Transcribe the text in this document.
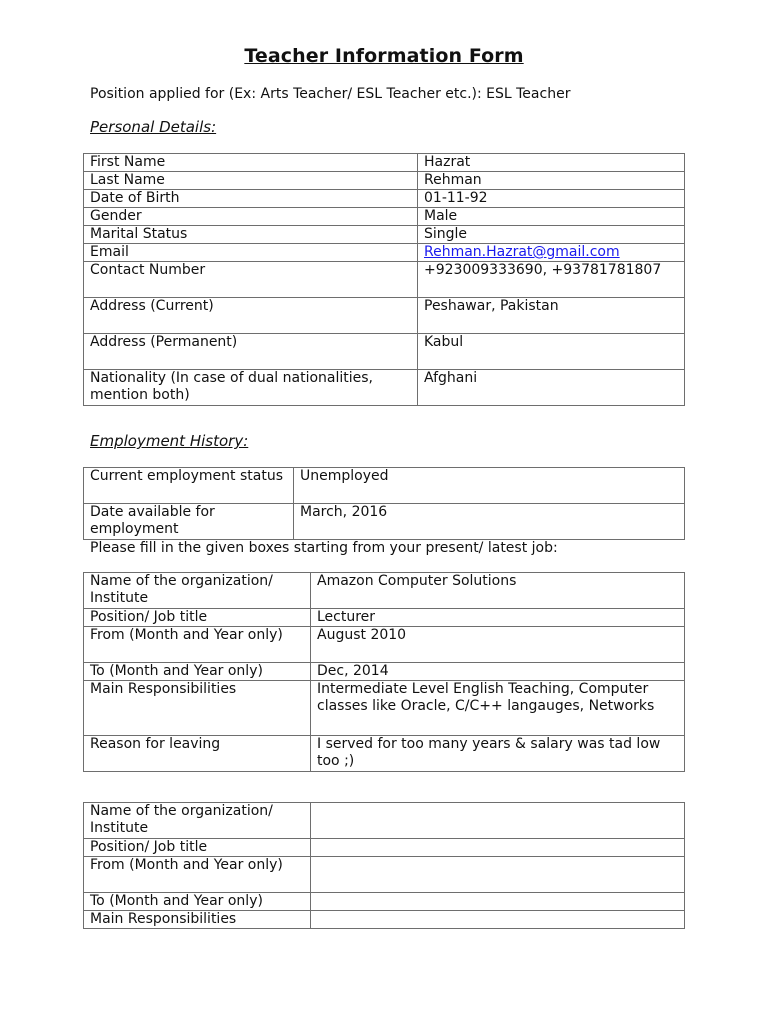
Teacher Information Form
Position applied for (Ex: Arts Teacher/ ESL Teacher etc.): ESL Teacher
Personal Details:
First Name	Hazrat
Last Name	Rehman
Date of Birth	01-11-92
Gender	Male
Marital Status	Single
Email	Rehman.Hazrat@gmail.com
Contact Number	+923009333690, +93781781807
Address (Current)	Peshawar, Pakistan
Address (Permanent)	Kabul
Nationality (In case of dual nationalities, mention both)	Afghani
Employment History:
Current employment status	Unemployed
Date available for employment	March, 2016
Please fill in the given boxes starting from your present/ latest job:
Name of the organization/ Institute	Amazon Computer Solutions
Position/ Job title	Lecturer
From (Month and Year only)	August 2010
To (Month and Year only)	Dec, 2014
Main Responsibilities	Intermediate Level English Teaching, Computer classes like Oracle, C/C++ langauges, Networks
Reason for leaving	I served for too many years & salary was tad low too ;)
Name of the organization/ Institute	
Position/ Job title	
From (Month and Year only)	
To (Month and Year only)	
Main Responsibilities	
